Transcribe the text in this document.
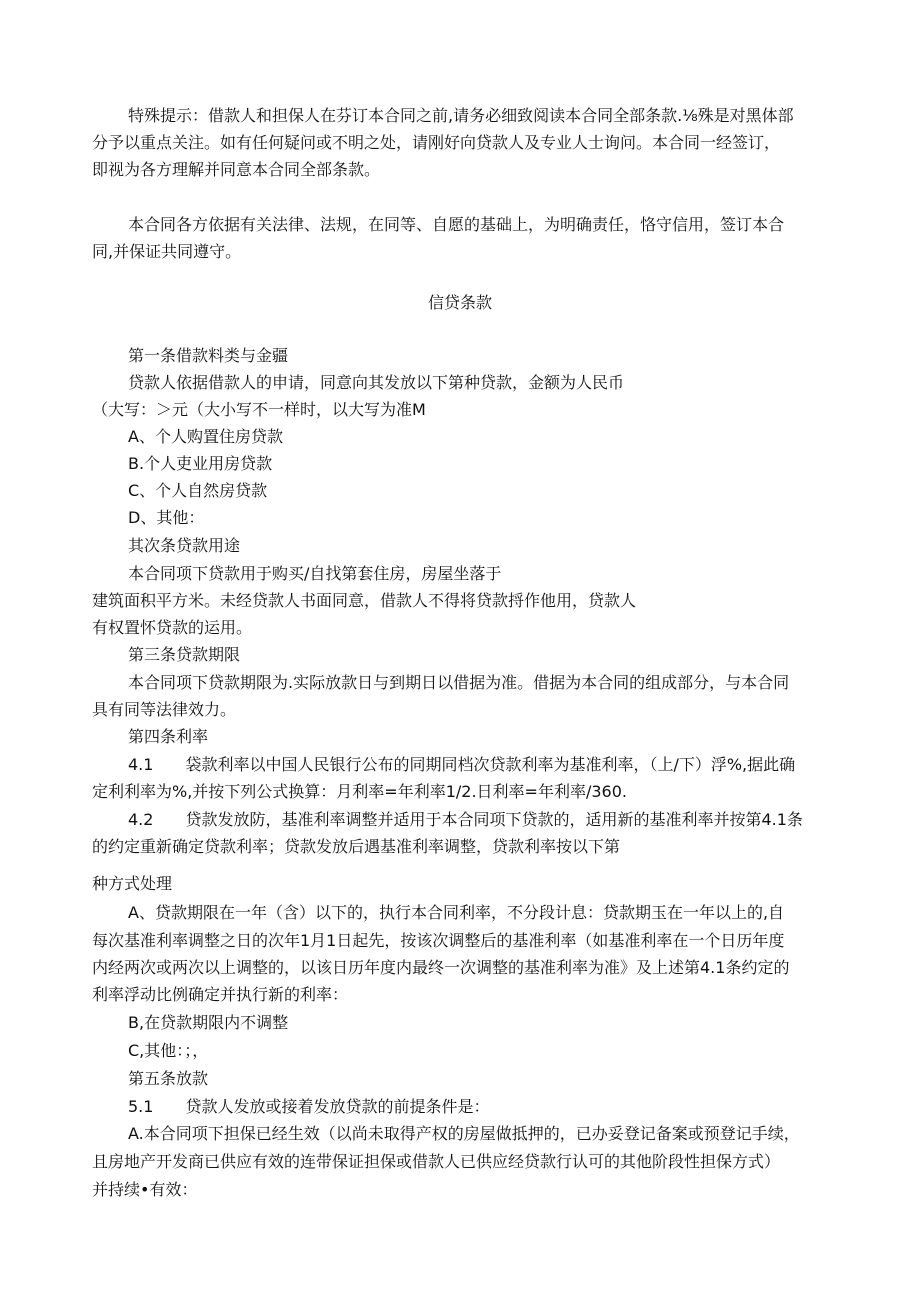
特殊提示：借款人和担保人在芬订本合同之前,请务必细致阅读本合同全部条款.⅛殊是对黑体部
分予以重点关注。如有任何疑问或不明之处，请刚好向贷款人及专业人士询问。本合同一经签订，
即视为各方理解并同意本合同全部条款。
本合同各方依据有关法律、法规，在同等、自愿的基础上，为明确责任，恪守信用，签订本合
同,并保证共同遵守。
信贷条款
第一条借款料类与金疆
贷款人依据借款人的申请，同意向其发放以下第种贷款，金额为人民币
（大写：＞元（大小写不一样时，以大写为准M
A、个人购置住房贷款
B.个人吏业用房贷款
C、个人自然房贷款
D、其他：
其次条贷款用途
本合同项下贷款用于购买/自找第套住房，房屋坐落于
建筑面积平方米。未经贷款人书面同意，借款人不得将贷款捋作他用，贷款人
有权置怀贷款的运用。
第三条贷款期限
本合同项下贷款期限为.实际放款日与到期日以借据为准。借据为本合同的组成部分，与本合同
具有同等法律效力。
第四条利率
4.1　　袋款利率以中国人民银行公布的同期同档次贷款利率为基准利率，（上/下）浮%,据此确
定利利率为%,并按下列公式换算：月利率=年利率1/2.日利率=年利率/360.
4.2　　贷款发放防，基准利率调整并适用于本合同项下贷款的，适用新的基准利率并按第4.1条
的约定重新确定贷款利率；贷款发放后遇基准利率调整，贷款利率按以下第
种方式处理
A、贷款期限在一年（含）以下的，执行本合同利率，不分段计息：贷款期玉在一年以上的,自
每次基准利率调整之日的次年1月1日起先，按该次调整后的基准利率（如基准利率在一个日历年度
内经两次或两次以上调整的，以该日历年度内最终一次调整的基准利率为准》及上述第4.1条约定的
利率浮动比例确定并执行新的利率：
B,在贷款期限内不调整
C,其他：；，
第五条放款
5.1　　贷款人发放或接着发放贷款的前提条件是：
A.本合同项下担保已经生效（以尚未取得产权的房屋做抵押的，已办妥登记备案或预登记手续，
且房地产开发商已供应有效的连带保证担保或借款人已供应经贷款行认可的其他阶段性担保方式）
并持续•有效：
